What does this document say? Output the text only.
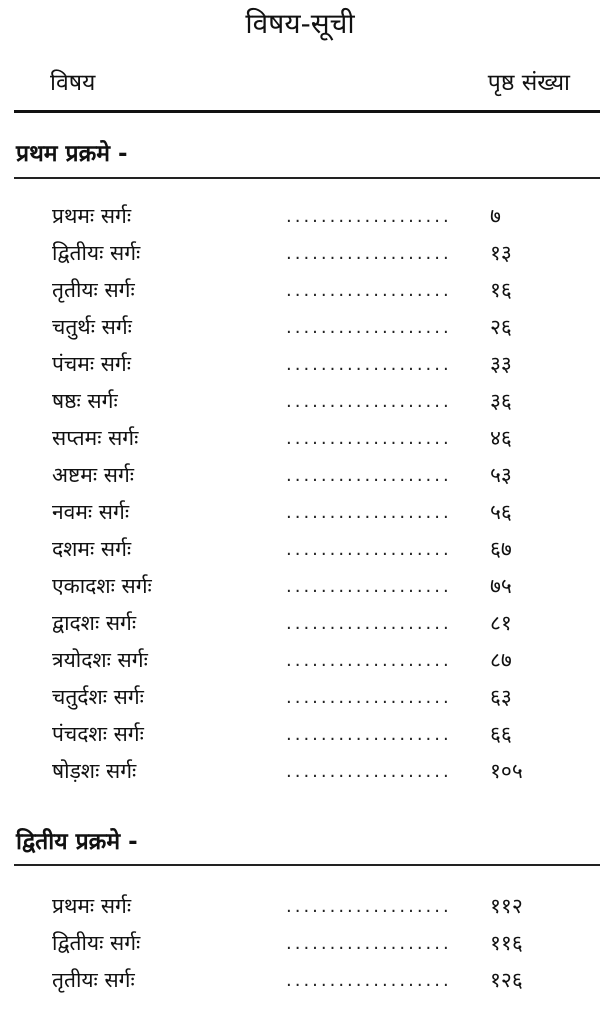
विषय-सूची
विषय	पृष्ठ संख्या
प्रथम प्रक्रमे -
प्रथमः सर्गः	................... ७
द्वितीयः सर्गः	................... १३
तृतीयः सर्गः	................... १६
चतुर्थः सर्गः	................... २६
पंचमः सर्गः	................... ३३
षष्ठः सर्गः	................... ३६
सप्तमः सर्गः	................... ४६
अष्टमः सर्गः	................... ५३
नवमः सर्गः	................... ५६
दशमः सर्गः	................... ६७
एकादशः सर्गः	................... ७५
द्वादशः सर्गः	................... ८१
त्रयोदशः सर्गः	................... ८७
चतुर्दशः सर्गः	................... ६३
पंचदशः सर्गः	................... ६६
षोड़शः सर्गः	................... १०५
द्वितीय प्रक्रमे -
प्रथमः सर्गः	................... ११२
द्वितीयः सर्गः	................... ११६
तृतीयः सर्गः	................... १२६
